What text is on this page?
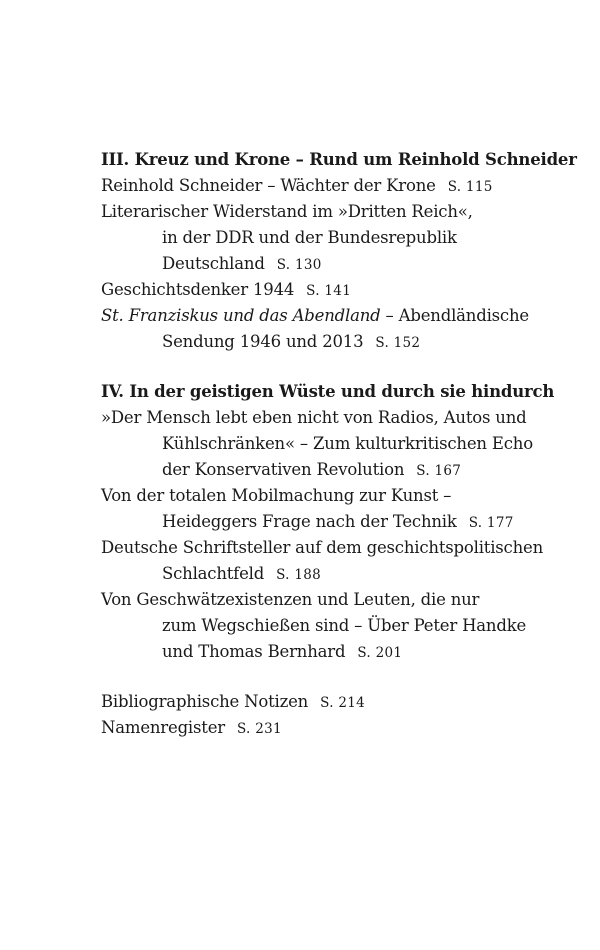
III. Kreuz und Krone – Rund um Reinhold Schneider
Reinhold Schneider – Wächter der Krone S. 115
Literarischer Widerstand im »Dritten Reich«,
in der DDR und der Bundesrepublik
Deutschland S. 130
Geschichtsdenker 1944 S. 141
St. Franziskus und das Abendland – Abendländische
Sendung 1946 und 2013 S. 152
IV. In der geistigen Wüste und durch sie hindurch
»Der Mensch lebt eben nicht von Radios, Autos und
Kühlschränken« – Zum kulturkritischen Echo
der Konservativen Revolution S. 167
Von der totalen Mobilmachung zur Kunst –
Heideggers Frage nach der Technik S. 177
Deutsche Schriftsteller auf dem geschichtspolitischen
Schlachtfeld S. 188
Von Geschwätzexistenzen und Leuten, die nur
zum Wegschießen sind – Über Peter Handke
und Thomas Bernhard S. 201
Bibliographische Notizen S. 214
Namenregister S. 231
